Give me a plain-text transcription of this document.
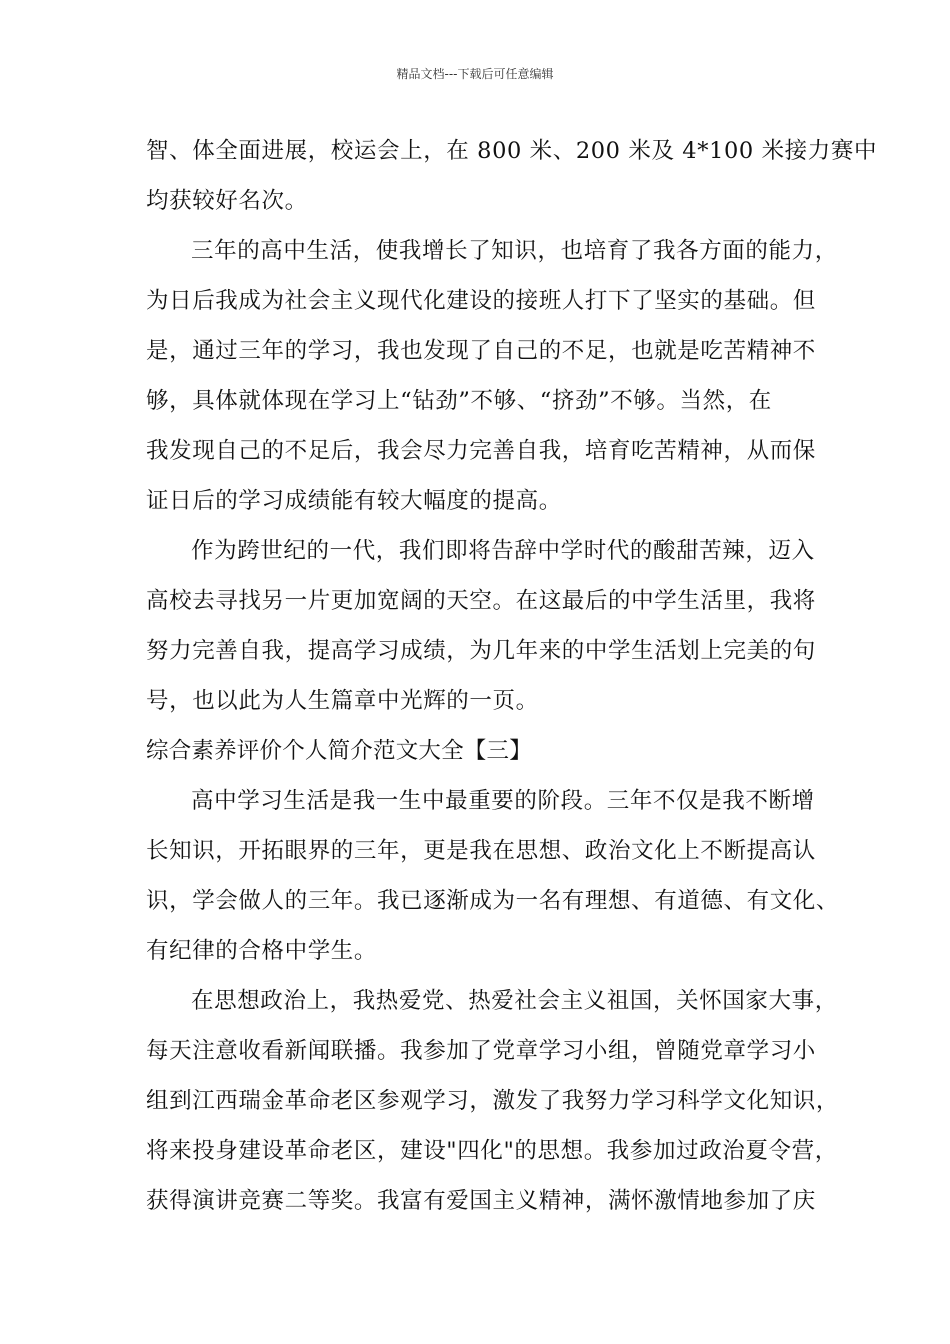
精品文档---下载后可任意编辑
智、体全面进展，校运会上，在 800 米、200 米及 4*100 米接力赛中
均获较好名次。
三年的高中生活，使我增长了知识，也培育了我各方面的能力，
为日后我成为社会主义现代化建设的接班人打下了坚实的基础。但
是，通过三年的学习，我也发现了自己的不足，也就是吃苦精神不
够，具体就体现在学习上“钻劲”不够、“挤劲”不够。当然，在
我发现自己的不足后，我会尽力完善自我，培育吃苦精神，从而保
证日后的学习成绩能有较大幅度的提高。
作为跨世纪的一代，我们即将告辞中学时代的酸甜苦辣，迈入
高校去寻找另一片更加宽阔的天空。在这最后的中学生活里，我将
努力完善自我，提高学习成绩，为几年来的中学生活划上完美的句
号，也以此为人生篇章中光辉的一页。
综合素养评价个人简介范文大全【三】
高中学习生活是我一生中最重要的阶段。三年不仅是我不断增
长知识，开拓眼界的三年，更是我在思想、政治文化上不断提高认
识，学会做人的三年。我已逐渐成为一名有理想、有道德、有文化、
有纪律的合格中学生。
在思想政治上，我热爱党、热爱社会主义祖国，关怀国家大事，
每天注意收看新闻联播。我参加了党章学习小组，曾随党章学习小
组到江西瑞金革命老区参观学习，激发了我努力学习科学文化知识，
将来投身建设革命老区，建设"四化"的思想。我参加过政治夏令营，
获得演讲竞赛二等奖。我富有爱国主义精神，满怀激情地参加了庆
